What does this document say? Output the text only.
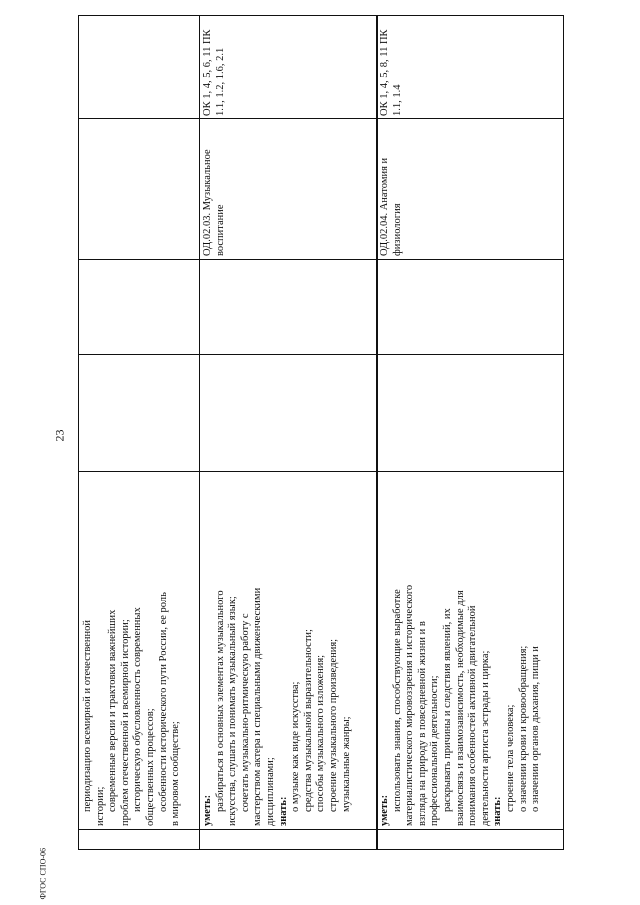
23
ФГОС СПО-06

периодизацию всемирной и отечественной истории; современные версии и трактовки важнейших проблем отечественной и всемирной истории; историческую обусловленность современных общественных процессов; особенности исторического пути России, ее роль в мировом сообществе; уметь: разбираться в основных элементах музыкального искусства, слушать и понимать музыкальный язык; сочетать музыкально-ритмическую работу с мастерством актера и специальными движенческими дисциплинами; знать: о музыке как виде искусства; средства музыкальной выразительности; способы музыкального изложения; строение музыкального произведения; музыкальные жанры;

ОД.02.03. Музыкальное воспитание
ОК 1, 4, 5, 6, 11 ПК 1.1, 1.2, 1.6, 2.1

уметь: использовать знания, способствующие выработке материалистического мировоззрения и исторического взгляда на природу в повседневной жизни и в профессиональной деятельности; раскрывать причины и следствия явлений, их взаимосвязь и взаимозависимость, необходимые для понимания особенностей активной двигательной деятельности артиста эстрады и цирка; знать: строение тела человека; о значении крови и кровообращения; о значении органов дыхания, пищи и

ОД.02.04. Анатомия и физиология
ОК 1, 4, 5, 8, 11 ПК 1.1, 1.4
